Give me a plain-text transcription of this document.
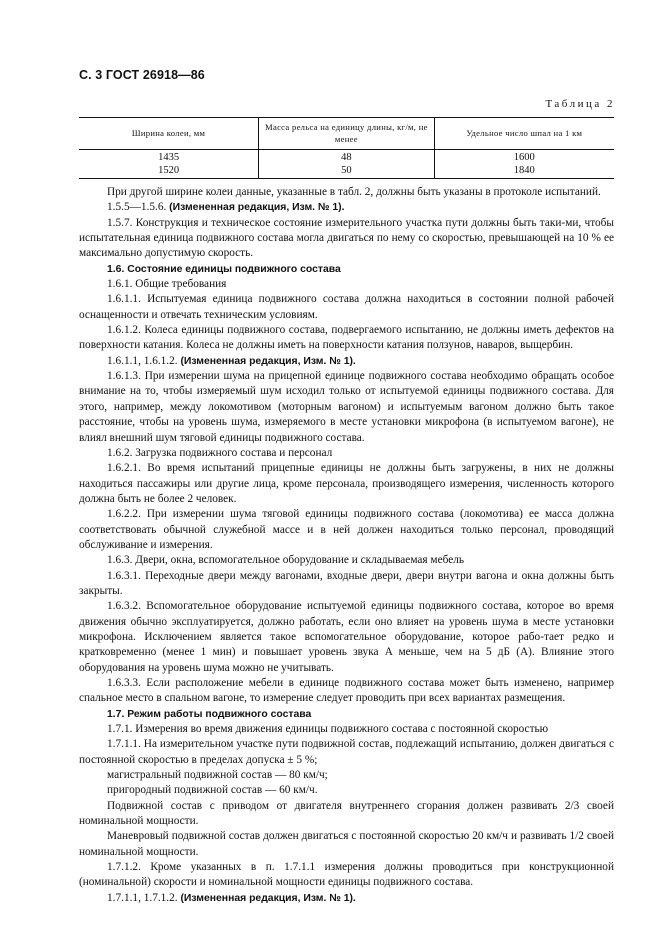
С. 3 ГОСТ 26918—86
Таблица 2
Ширина колеи, мм	Масса рельса на единицу длины, кг/м, не менее	Удельное число шпал на 1 км
1435	48	1600
1520	50	1840

При другой ширине колеи данные, указанные в табл. 2, должны быть указаны в протоколе испытаний.

1.5.5—1.5.6. (Измененная редакция, Изм. № 1).

1.5.7. Конструкция и техническое состояние измерительного участка пути должны быть таки-ми, чтобы испытательная единица подвижного состава могла двигаться по нему со скоростью, превышающей на 10 % ее максимально допустимую скорость.

1.6. Состояние единицы подвижного состава

1.6.1. Общие требования

1.6.1.1. Испытуемая единица подвижного состава должна находиться в состоянии полной рабочей оснащенности и отвечать техническим условиям.

1.6.1.2. Колеса единицы подвижного состава, подвергаемого испытанию, не должны иметь дефектов на поверхности катания. Колеса не должны иметь на поверхности катания ползунов, наваров, выщербин.

1.6.1.1, 1.6.1.2. (Измененная редакция, Изм. № 1).

1.6.1.3. При измерении шума на прицепной единице подвижного состава необходимо обращать особое внимание на то, чтобы измеряемый шум исходил только от испытуемой единицы подвижного состава. Для этого, например, между локомотивом (моторным вагоном) и испытуемым вагоном должно быть такое расстояние, чтобы на уровень шума, измеряемого в месте установки микрофона (в испытуемом вагоне), не влиял внешний шум тяговой единицы подвижного состава.

1.6.2. Загрузка подвижного состава и персонал

1.6.2.1. Во время испытаний прицепные единицы не должны быть загружены, в них не должны находиться пассажиры или другие лица, кроме персонала, производящего измерения, численность которого должна быть не более 2 человек.

1.6.2.2. При измерении шума тяговой единицы подвижного состава (локомотива) ее масса должна соответствовать обычной служебной массе и в ней должен находиться только персонал, проводящий обслуживание и измерения.

1.6.3. Двери, окна, вспомогательное оборудование и складываемая мебель

1.6.3.1. Переходные двери между вагонами, входные двери, двери внутри вагона и окна должны быть закрыты.

1.6.3.2. Вспомогательное оборудование испытуемой единицы подвижного состава, которое во время движения обычно эксплуатируется, должно работать, если оно влияет на уровень шума в месте установки микрофона. Исключением является такое вспомогательное оборудование, которое рабо-тает редко и кратковременно (менее 1 мин) и повышает уровень звука A меньше, чем на 5 дБ (A). Влияние этого оборудования на уровень шума можно не учитывать.

1.6.3.3. Если расположение мебели в единице подвижного состава может быть изменено, например спальное место в спальном вагоне, то измерение следует проводить при всех вариантах размещения.

1.7. Режим работы подвижного состава

1.7.1. Измерения во время движения единицы подвижного состава с постоянной скоростью

1.7.1.1. На измерительном участке пути подвижной состав, подлежащий испытанию, должен двигаться с постоянной скоростью в пределах допуска ± 5 %;

магистральный подвижной состав — 80 км/ч;

пригородный подвижной состав — 60 км/ч.

Подвижной состав с приводом от двигателя внутреннего сгорания должен развивать 2/3 своей номинальной мощности.

Маневровый подвижной состав должен двигаться с постоянной скоростью 20 км/ч и развивать 1/2 своей номинальной мощности.

1.7.1.2. Кроме указанных в п. 1.7.1.1 измерения должны проводиться при конструкционной (номинальной) скорости и номинальной мощности единицы подвижного состава.

1.7.1.1, 1.7.1.2. (Измененная редакция, Изм. № 1).
